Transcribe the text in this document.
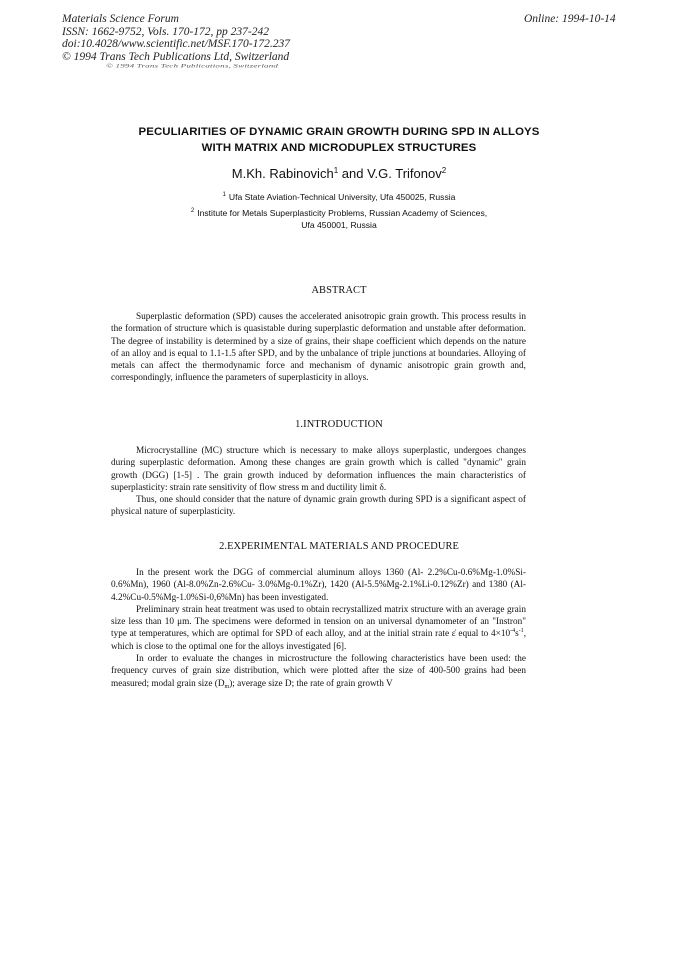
Materials Science Forum
ISSN: 1662-9752, Vols. 170-172, pp 237-242
doi:10.4028/www.scientific.net/MSF.170-172.237
© 1994 Trans Tech Publications Ltd, Switzerland
Online: 1994-10-14
© 1994 Trans Tech Publications, Switzerland
PECULIARITIES OF DYNAMIC GRAIN GROWTH DURING SPD IN ALLOYS
WITH MATRIX AND MICRODUPLEX STRUCTURES
M.Kh. Rabinovich$^1$ and V.G. Trifonov$^2$
$^1$ Ufa State Aviation-Technical University, Ufa 450025, Russia
$^2$ Institute for Metals Superplasticity Problems, Russian Academy of Sciences,
Ufa 450001, Russia
ABSTRACT

Superplastic deformation (SPD) causes the accelerated anisotropic grain growth. This process results in the formation of structure which is quasistable during superplastic deformation and unstable after deformation. The degree of instability is determined by a size of grains, their shape coefficient which depends on the nature of an alloy and is equal to 1.1-1.5 after SPD, and by the unbalance of triple junctions at boundaries. Alloying of metals can affect the thermodynamic force and mechanism of dynamic anisotropic grain growth and, correspondingly, influence the parameters of superplasticity in alloys.

1.INTRODUCTION

Microcrystalline (MC) structure which is necessary to make alloys superplastic, undergoes changes during superplastic deformation. Among these changes are grain growth which is called "dynamic" grain growth (DGG) [1-5] . The grain growth induced by deformation influences the main characteristics of superplasticity: strain rate sensitivity of flow stress m and ductility limit δ.

Thus, one should consider that the nature of dynamic grain growth during SPD is a significant aspect of physical nature of superplasticity.

2.EXPERIMENTAL MATERIALS AND PROCEDURE

In the present work the DGG of commercial aluminum alloys 1360 (Al- 2.2%Cu-0.6%Mg-1.0%Si-0.6%Mn), 1960 (Al-8.0%Zn-2.6%Cu- 3.0%Mg-0.1%Zr), 1420 (Al-5.5%Mg-2.1%Li-0.12%Zr) and 1380 (Al-4.2%Cu-0.5%Mg-1.0%Si-0,6%Mn) has been investigated.

Preliminary strain heat treatment was used to obtain recrystallized matrix structure with an average grain size less than 10 μm. The specimens were deformed in tension on an universal dynamometer of an "Instron" type at temperatures, which are optimal for SPD of each alloy, and at the initial strain rate ε̇ equal to $4\times 10^{-4}s^{-1}$, which is close to the optimal one for the alloys investigated [6].

In order to evaluate the changes in microstructure the following characteristics have been used: the frequency curves of grain size distribution, which were plotted after the size of 400-500 grains had been measured; modal grain size $(D_m)$; average size D; the rate of grain growth V
